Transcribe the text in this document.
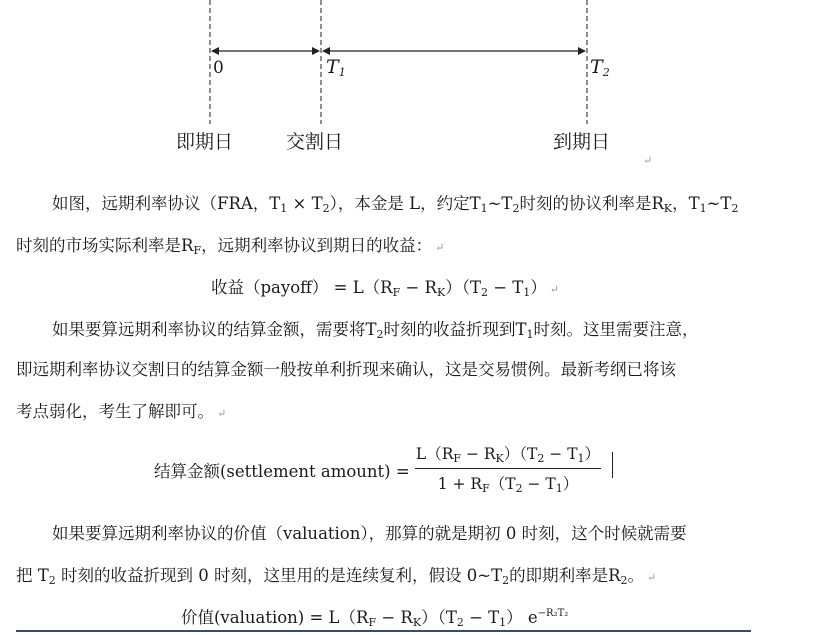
0	T1	T2
即期日	交割日	到期日
↵
如图，远期利率协议（FRA，T1 × T2），本金是 L，约定T1~T2时刻的协议利率是RK，T1~T2
时刻的市场实际利率是RF，远期利率协议到期日的收益： ↵
收益（payoff） = L（RF − RK）（T2 − T1） ↵
如果要算远期利率协议的结算金额，需要将T2时刻的收益折现到T1时刻。这里需要注意，
即远期利率协议交割日的结算金额一般按单利折现来确认，这是交易惯例。最新考纲已将该
考点弱化，考生了解即可。 ↵
结算金额(settlement amount) =
L（RF − RK）（T2 − T1）
1 + RF（T2 − T1）
如果要算远期利率协议的价值（valuation），那算的就是期初 0 时刻，这个时候就需要
把 T2 时刻的收益折现到 0 时刻，这里用的是连续复利，假设 0~T2的即期利率是R2。 ↵
价值(valuation) = L（RF − RK）（T2 − T1） $e^{-R_2T_2}$
